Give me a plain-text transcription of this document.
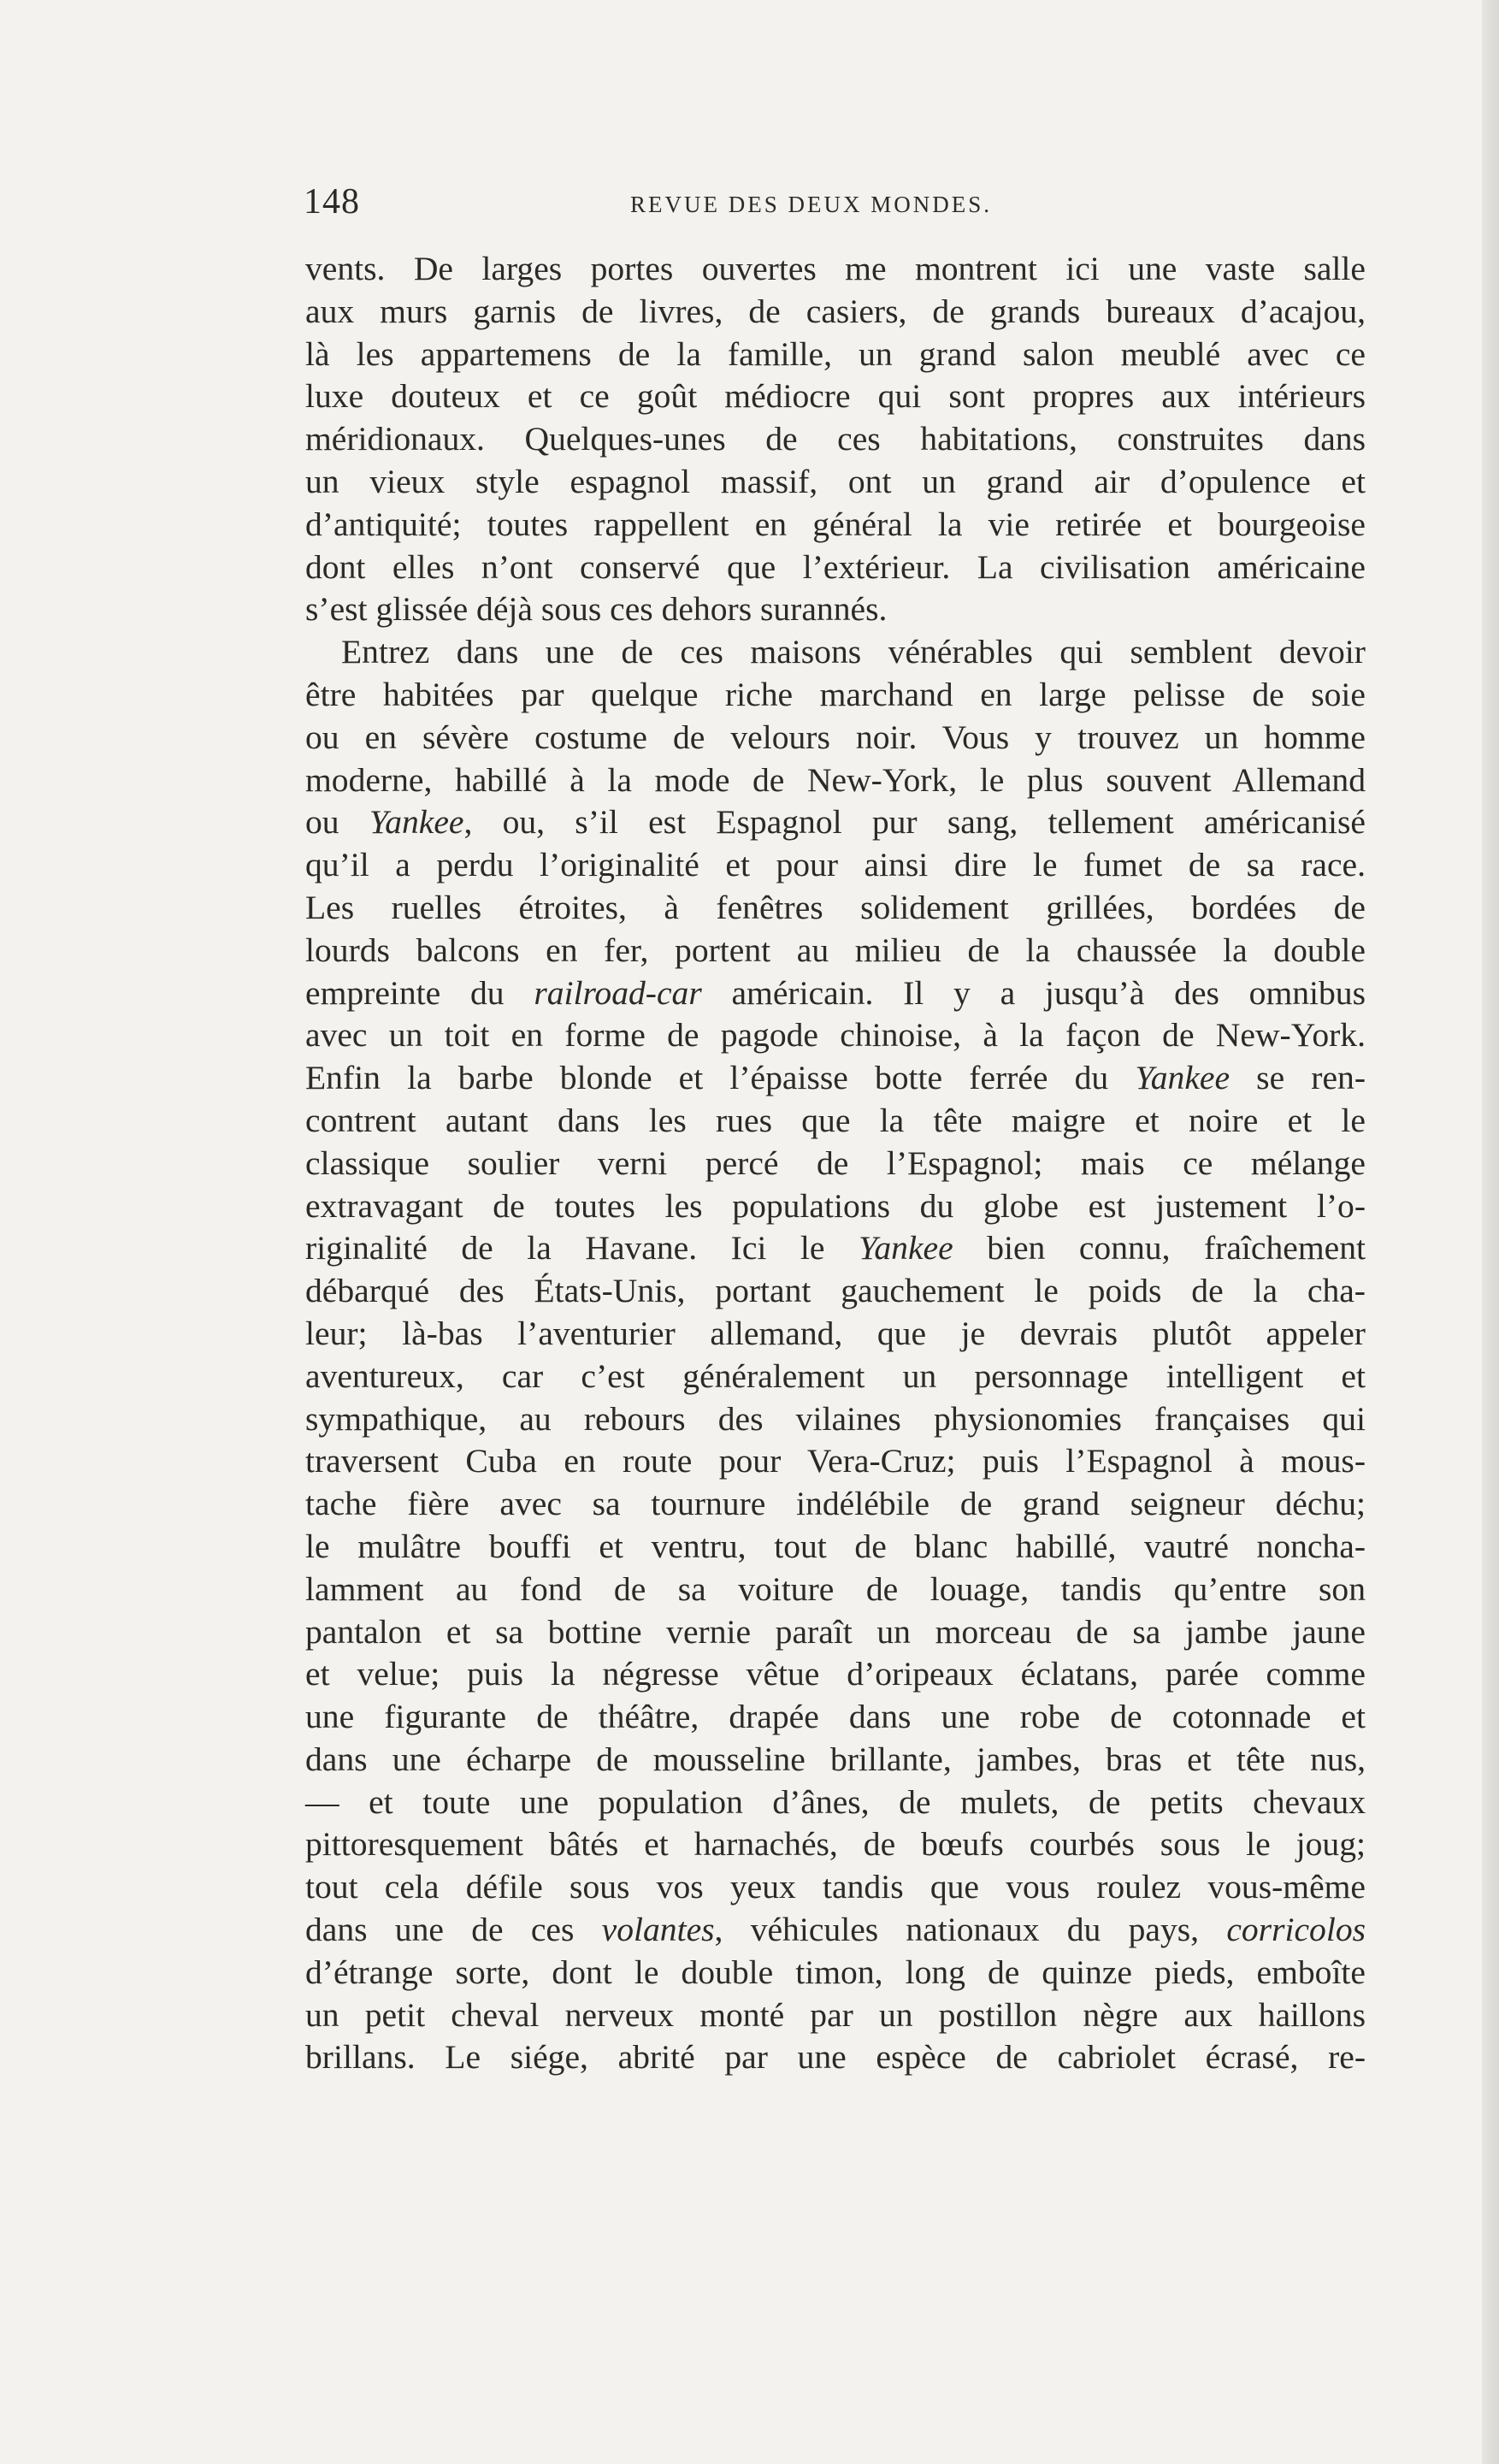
148	REVUE DES DEUX MONDES.
vents. De larges portes ouvertes me montrent ici une vaste salle
aux murs garnis de livres, de casiers, de grands bureaux d’acajou,
là les appartemens de la famille, un grand salon meublé avec ce
luxe douteux et ce goût médiocre qui sont propres aux intérieurs
méridionaux. Quelques-unes de ces habitations, construites dans
un vieux style espagnol massif, ont un grand air d’opulence et
d’antiquité; toutes rappellent en général la vie retirée et bourgeoise
dont elles n’ont conservé que l’extérieur. La civilisation américaine
s’est glissée déjà sous ces dehors surannés.
Entrez dans une de ces maisons vénérables qui semblent devoir
être habitées par quelque riche marchand en large pelisse de soie
ou en sévère costume de velours noir. Vous y trouvez un homme
moderne, habillé à la mode de New-York, le plus souvent Allemand
ou Yankee, ou, s’il est Espagnol pur sang, tellement américanisé
qu’il a perdu l’originalité et pour ainsi dire le fumet de sa race.
Les ruelles étroites, à fenêtres solidement grillées, bordées de
lourds balcons en fer, portent au milieu de la chaussée la double
empreinte du railroad-car américain. Il y a jusqu’à des omnibus
avec un toit en forme de pagode chinoise, à la façon de New-York.
Enfin la barbe blonde et l’épaisse botte ferrée du Yankee se ren-
contrent autant dans les rues que la tête maigre et noire et le
classique soulier verni percé de l’Espagnol; mais ce mélange
extravagant de toutes les populations du globe est justement l’o-
riginalité de la Havane. Ici le Yankee bien connu, fraîchement
débarqué des États-Unis, portant gauchement le poids de la cha-
leur; là-bas l’aventurier allemand, que je devrais plutôt appeler
aventureux, car c’est généralement un personnage intelligent et
sympathique, au rebours des vilaines physionomies françaises qui
traversent Cuba en route pour Vera-Cruz; puis l’Espagnol à mous-
tache fière avec sa tournure indélébile de grand seigneur déchu;
le mulâtre bouffi et ventru, tout de blanc habillé, vautré noncha-
lamment au fond de sa voiture de louage, tandis qu’entre son
pantalon et sa bottine vernie paraît un morceau de sa jambe jaune
et velue; puis la négresse vêtue d’oripeaux éclatans, parée comme
une figurante de théâtre, drapée dans une robe de cotonnade et
dans une écharpe de mousseline brillante, jambes, bras et tête nus,
— et toute une population d’ânes, de mulets, de petits chevaux
pittoresquement bâtés et harnachés, de bœufs courbés sous le joug;
tout cela défile sous vos yeux tandis que vous roulez vous-même
dans une de ces volantes, véhicules nationaux du pays, corricolos
d’étrange sorte, dont le double timon, long de quinze pieds, emboîte
un petit cheval nerveux monté par un postillon nègre aux haillons
brillans. Le siége, abrité par une espèce de cabriolet écrasé, re-
